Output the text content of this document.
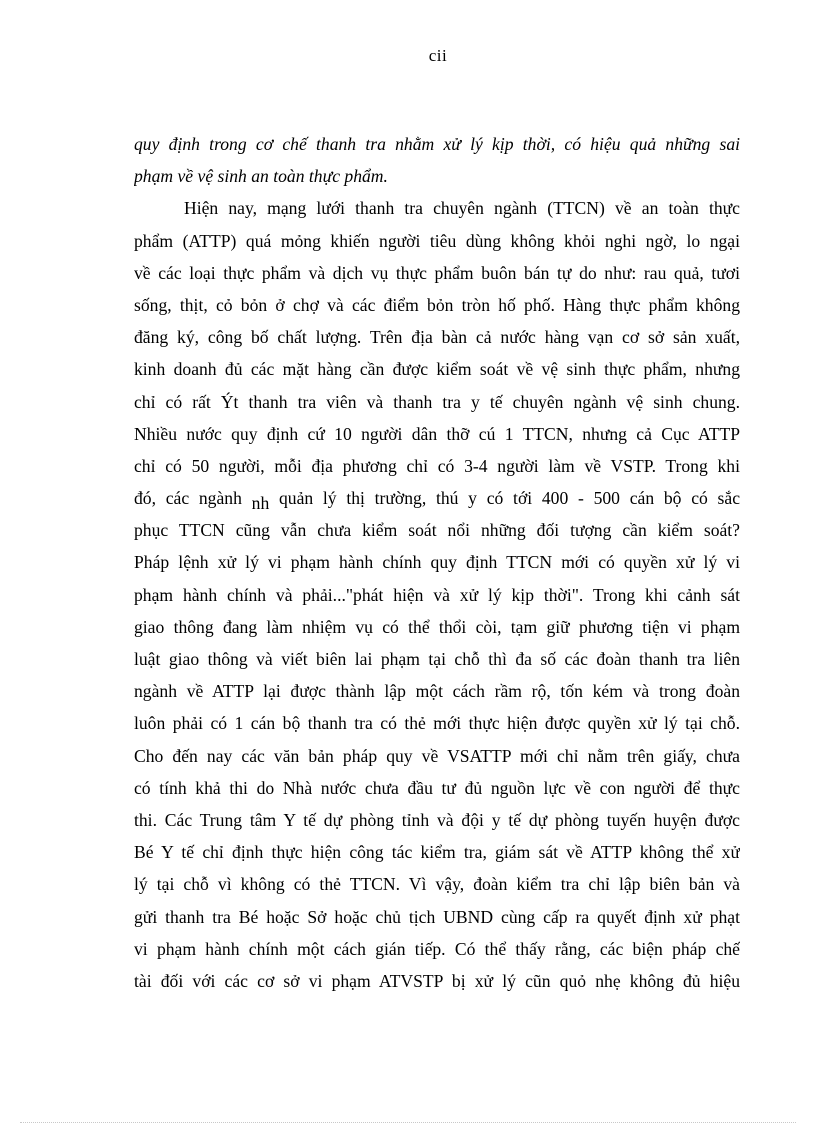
cii
quy định trong cơ chế thanh tra nhằm xử lý kịp thời, có hiệu quả những sai
phạm về vệ sinh an toàn thực phẩm.
Hiện nay, mạng lưới thanh tra chuyên ngành (TTCN) về an toàn thực
phẩm (ATTP) quá mỏng khiến người tiêu dùng không khỏi nghi ngờ, lo ngại
về các loại thực phẩm và dịch vụ thực phẩm buôn bán tự do như: rau quả, tươi
sống, thịt, cỏ bỏn ở chợ và các điểm bỏn tròn hố phố. Hàng thực phẩm không
đăng ký, công bố chất lượng. Trên địa bàn cả nước hàng vạn cơ sở sản xuất,
kinh doanh đủ các mặt hàng cần được kiểm soát về vệ sinh thực phẩm, nhưng
chỉ có rất Ýt thanh tra viên và thanh tra y tế chuyên ngành vệ sinh chung.
Nhiều nước quy định cứ 10 người dân thỡ cú 1 TTCN, nhưng cả Cục ATTP
chỉ có 50 người, mỗi địa phương chỉ có 3-4 người làm về VSTP. Trong khi
đó, các ngành nh quản lý thị trường, thú y có tới 400 - 500 cán bộ có sắc
phục TTCN cũng vẫn chưa kiểm soát nổi những đối tượng cần kiểm soát?
Pháp lệnh xử lý vi phạm hành chính quy định TTCN mới có quyền xử lý vi
phạm hành chính và phải..."phát hiện và xử lý kịp thời". Trong khi cảnh sát
giao thông đang làm nhiệm vụ có thể thổi còi, tạm giữ phương tiện vi phạm
luật giao thông và viết biên lai phạm tại chỗ thì đa số các đoàn thanh tra liên
ngành về ATTP lại được thành lập một cách rầm rộ, tốn kém và trong đoàn
luôn phải có 1 cán bộ thanh tra có thẻ mới thực hiện được quyền xử lý tại chỗ.
Cho đến nay các văn bản pháp quy về VSATTP mới chỉ nằm trên giấy, chưa
có tính khả thi do Nhà nước chưa đầu tư đủ nguồn lực về con người để thực
thi. Các Trung tâm Y tế dự phòng tỉnh và đội y tế dự phòng tuyến huyện được
Bé Y tế chỉ định thực hiện công tác kiểm tra, giám sát về ATTP không thể xử
lý tại chỗ vì không có thẻ TTCN. Vì vậy, đoàn kiểm tra chỉ lập biên bản và
gửi thanh tra Bé hoặc Sở hoặc chủ tịch UBND cùng cấp ra quyết định xử phạt
vi phạm hành chính một cách gián tiếp. Có thể thấy rằng, các biện pháp chế
tài đối với các cơ sở vi phạm ATVSTP bị xử lý cũn quỏ nhẹ không đủ hiệu
